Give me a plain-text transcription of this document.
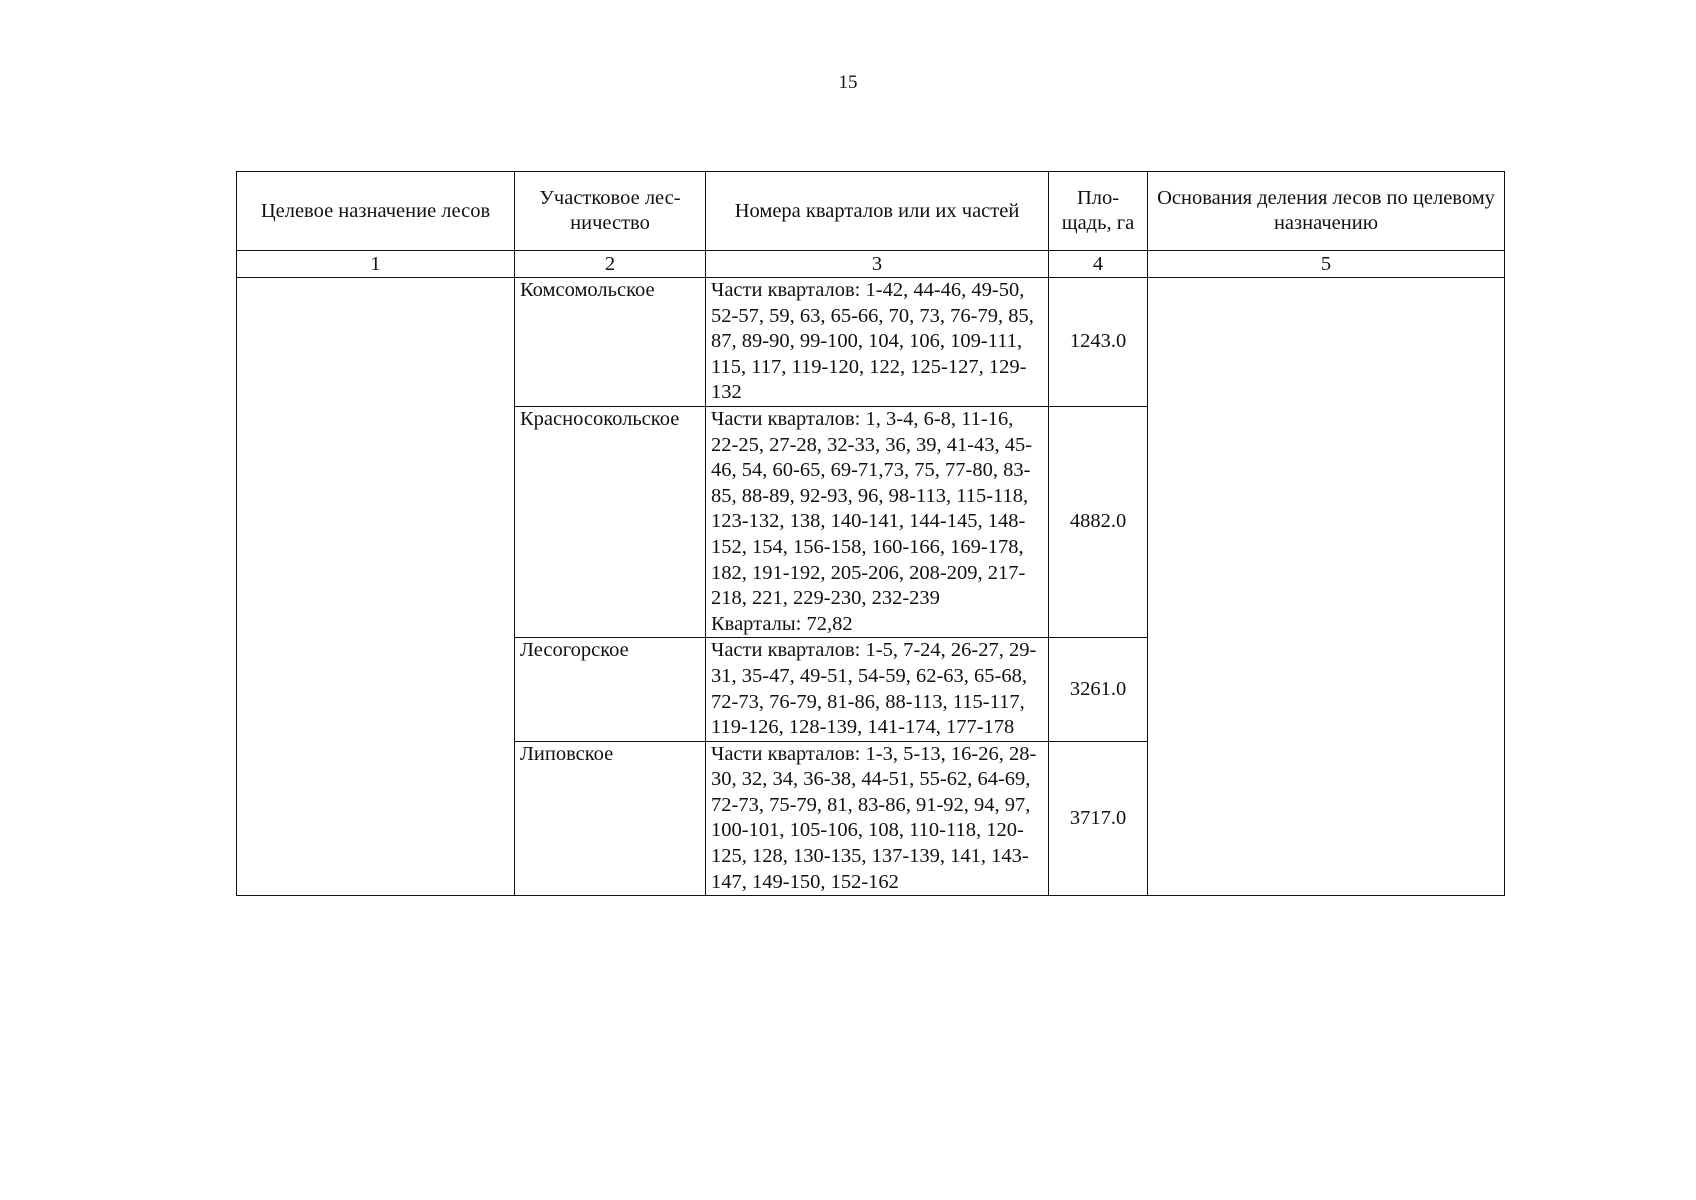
15
Целевое назначение лесов	Участковое лес-ничество	Номера кварталов или их частей	Пло-щадь, га	Основания деления лесов по целевому назначению
1	2	3	4	5
	Комсомольское	Части кварталов: 1-42, 44-46, 49-50, 52-57, 59, 63, 65-66, 70, 73, 76-79, 85, 87, 89-90, 99-100, 104, 106, 109-111, 115, 117, 119-120, 122, 125-127, 129-132	1243.0	
	Красносокольское	Части кварталов: 1, 3-4, 6-8, 11-16, 22-25, 27-28, 32-33, 36, 39, 41-43, 45-46, 54, 60-65, 69-71,73, 75, 77-80, 83-85, 88-89, 92-93, 96, 98-113, 115-118, 123-132, 138, 140-141, 144-145, 148-152, 154, 156-158, 160-166, 169-178, 182, 191-192, 205-206, 208-209, 217-218, 221, 229-230, 232-239
Кварталы: 72,82	4882.0	
	Лесогорское	Части кварталов: 1-5, 7-24, 26-27, 29-31, 35-47, 49-51, 54-59, 62-63, 65-68, 72-73, 76-79, 81-86, 88-113, 115-117, 119-126, 128-139, 141-174, 177-178	3261.0	
	Липовское	Части кварталов: 1-3, 5-13, 16-26, 28-30, 32, 34, 36-38, 44-51, 55-62, 64-69, 72-73, 75-79, 81, 83-86, 91-92, 94, 97, 100-101, 105-106, 108, 110-118, 120-125, 128, 130-135, 137-139, 141, 143-147, 149-150, 152-162	3717.0	
